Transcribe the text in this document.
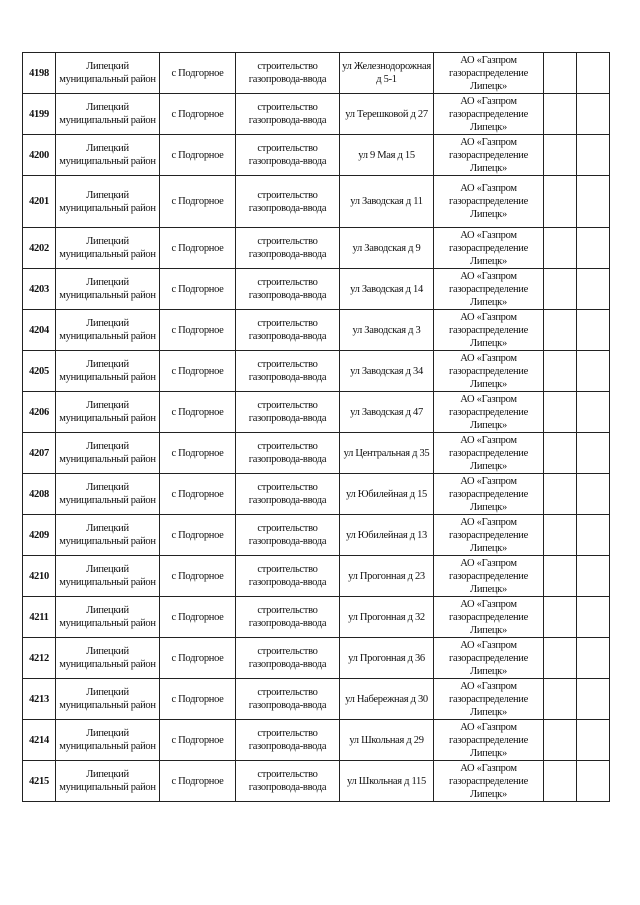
4198	Липецкий муниципальный район	с Подгорное	строительство газопровода-ввода	ул Железнодорожная д 5-1	АО «Газпром газораспределение Липецк»		
4199	Липецкий муниципальный район	с Подгорное	строительство газопровода-ввода	ул Терешковой д 27	АО «Газпром газораспределение Липецк»		
4200	Липецкий муниципальный район	с Подгорное	строительство газопровода-ввода	ул 9 Мая д 15	АО «Газпром газораспределение Липецк»		
4201	Липецкий муниципальный район	с Подгорное	строительство газопровода-ввода	ул Заводская д 11	АО «Газпром газораспределение Липецк»		
4202	Липецкий муниципальный район	с Подгорное	строительство газопровода-ввода	ул Заводская д 9	АО «Газпром газораспределение Липецк»		
4203	Липецкий муниципальный район	с Подгорное	строительство газопровода-ввода	ул Заводская д 14	АО «Газпром газораспределение Липецк»		
4204	Липецкий муниципальный район	с Подгорное	строительство газопровода-ввода	ул Заводская д 3	АО «Газпром газораспределение Липецк»		
4205	Липецкий муниципальный район	с Подгорное	строительство газопровода-ввода	ул Заводская д 34	АО «Газпром газораспределение Липецк»		
4206	Липецкий муниципальный район	с Подгорное	строительство газопровода-ввода	ул Заводская д 47	АО «Газпром газораспределение Липецк»		
4207	Липецкий муниципальный район	с Подгорное	строительство газопровода-ввода	ул Центральная д 35	АО «Газпром газораспределение Липецк»		
4208	Липецкий муниципальный район	с Подгорное	строительство газопровода-ввода	ул Юбилейная д 15	АО «Газпром газораспределение Липецк»		
4209	Липецкий муниципальный район	с Подгорное	строительство газопровода-ввода	ул Юбилейная д 13	АО «Газпром газораспределение Липецк»		
4210	Липецкий муниципальный район	с Подгорное	строительство газопровода-ввода	ул Прогонная д 23	АО «Газпром газораспределение Липецк»		
4211	Липецкий муниципальный район	с Подгорное	строительство газопровода-ввода	ул Прогонная д 32	АО «Газпром газораспределение Липецк»		
4212	Липецкий муниципальный район	с Подгорное	строительство газопровода-ввода	ул Прогонная д 36	АО «Газпром газораспределение Липецк»		
4213	Липецкий муниципальный район	с Подгорное	строительство газопровода-ввода	ул Набережная д 30	АО «Газпром газораспределение Липецк»		
4214	Липецкий муниципальный район	с Подгорное	строительство газопровода-ввода	ул Школьная д 29	АО «Газпром газораспределение Липецк»		
4215	Липецкий муниципальный район	с Подгорное	строительство газопровода-ввода	ул Школьная д 115	АО «Газпром газораспределение Липецк»		
